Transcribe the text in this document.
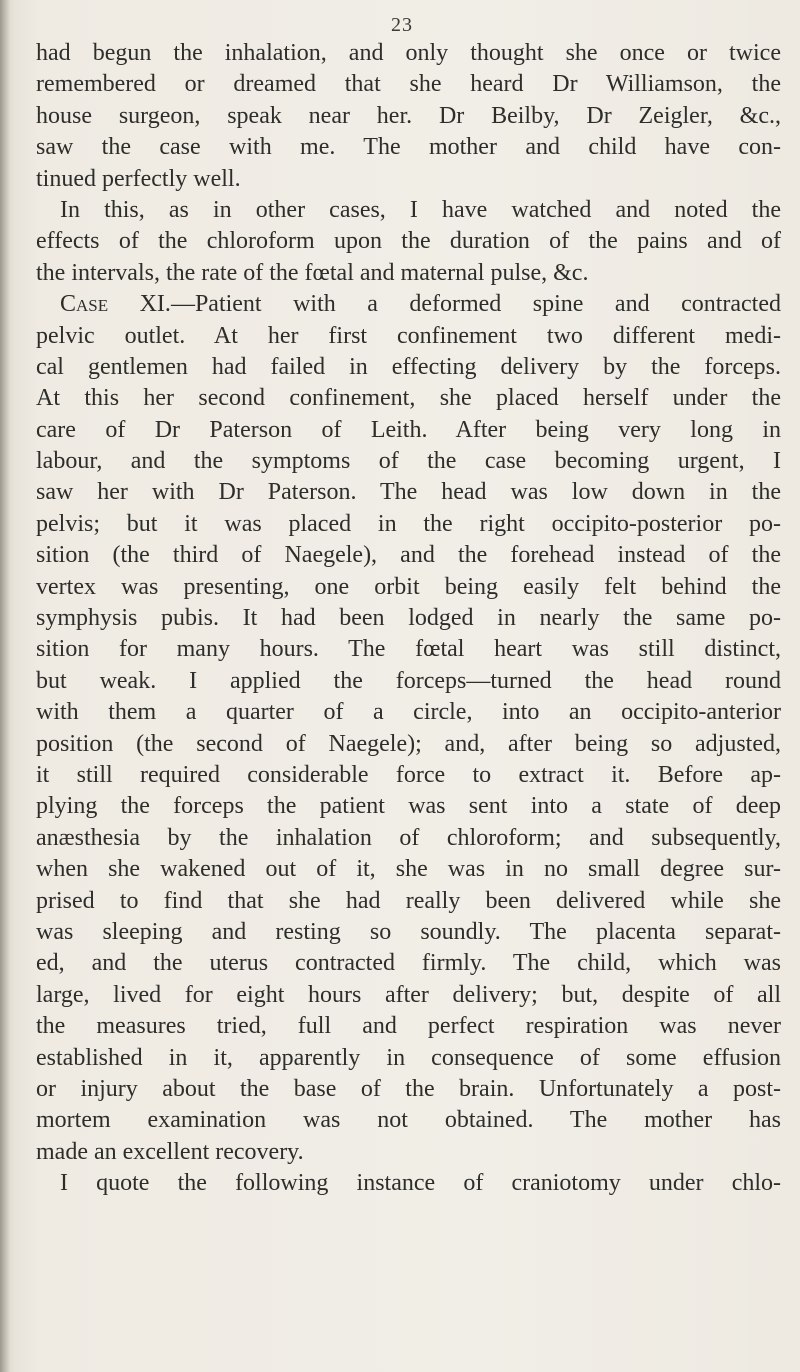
23
had begun the inhalation, and only thought she once or twice
remembered or dreamed that she heard Dr Williamson, the
house surgeon, speak near her. Dr Beilby, Dr Zeigler, &c.,
saw the case with me. The mother and child have con-
tinued perfectly well.
In this, as in other cases, I have watched and noted the
effects of the chloroform upon the duration of the pains and of
the intervals, the rate of the fœtal and maternal pulse, &c.
Case XI.—Patient with a deformed spine and contracted
pelvic outlet. At her first confinement two different medi-
cal gentlemen had failed in effecting delivery by the forceps.
At this her second confinement, she placed herself under the
care of Dr Paterson of Leith. After being very long in
labour, and the symptoms of the case becoming urgent, I
saw her with Dr Paterson. The head was low down in the
pelvis; but it was placed in the right occipito-posterior po-
sition (the third of Naegele), and the forehead instead of the
vertex was presenting, one orbit being easily felt behind the
symphysis pubis. It had been lodged in nearly the same po-
sition for many hours. The fœtal heart was still distinct,
but weak. I applied the forceps—turned the head round
with them a quarter of a circle, into an occipito-anterior
position (the second of Naegele); and, after being so adjusted,
it still required considerable force to extract it. Before ap-
plying the forceps the patient was sent into a state of deep
anæsthesia by the inhalation of chloroform; and subsequently,
when she wakened out of it, she was in no small degree sur-
prised to find that she had really been delivered while she
was sleeping and resting so soundly. The placenta separat-
ed, and the uterus contracted firmly. The child, which was
large, lived for eight hours after delivery; but, despite of all
the measures tried, full and perfect respiration was never
established in it, apparently in consequence of some effusion
or injury about the base of the brain. Unfortunately a post-
mortem examination was not obtained. The mother has
made an excellent recovery.
I quote the following instance of craniotomy under chlo-
